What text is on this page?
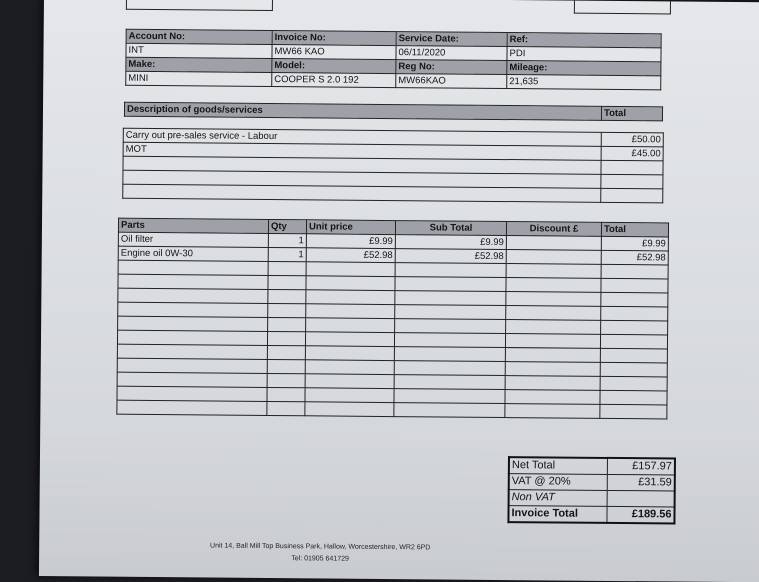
Account No:	Invoice No:	Service Date:	Ref:
INT	MW66 KAO	06/11/2020	PDI
Make:	Model:	Reg No:	Mileage:
MINI	COOPER S 2.0 192	MW66KAO	21,635
Description of goods/services	Total
Carry out pre-sales service - Labour	£50.00
MOT	£45.00

Parts	Qty	Unit price	Sub Total	Discount £	Total
Oil filter	1	£9.99	£9.99		£9.99
Engine oil 0W-30	1	£52.98	£52.98		£52.98

Net Total	£157.97
VAT @ 20%	£31.59
Non VAT	
Invoice Total	£189.56
Unit 14, Ball Mill Top Business Park, Hallow, Worcestershire, WR2 6PD
Tel: 01905 641729
